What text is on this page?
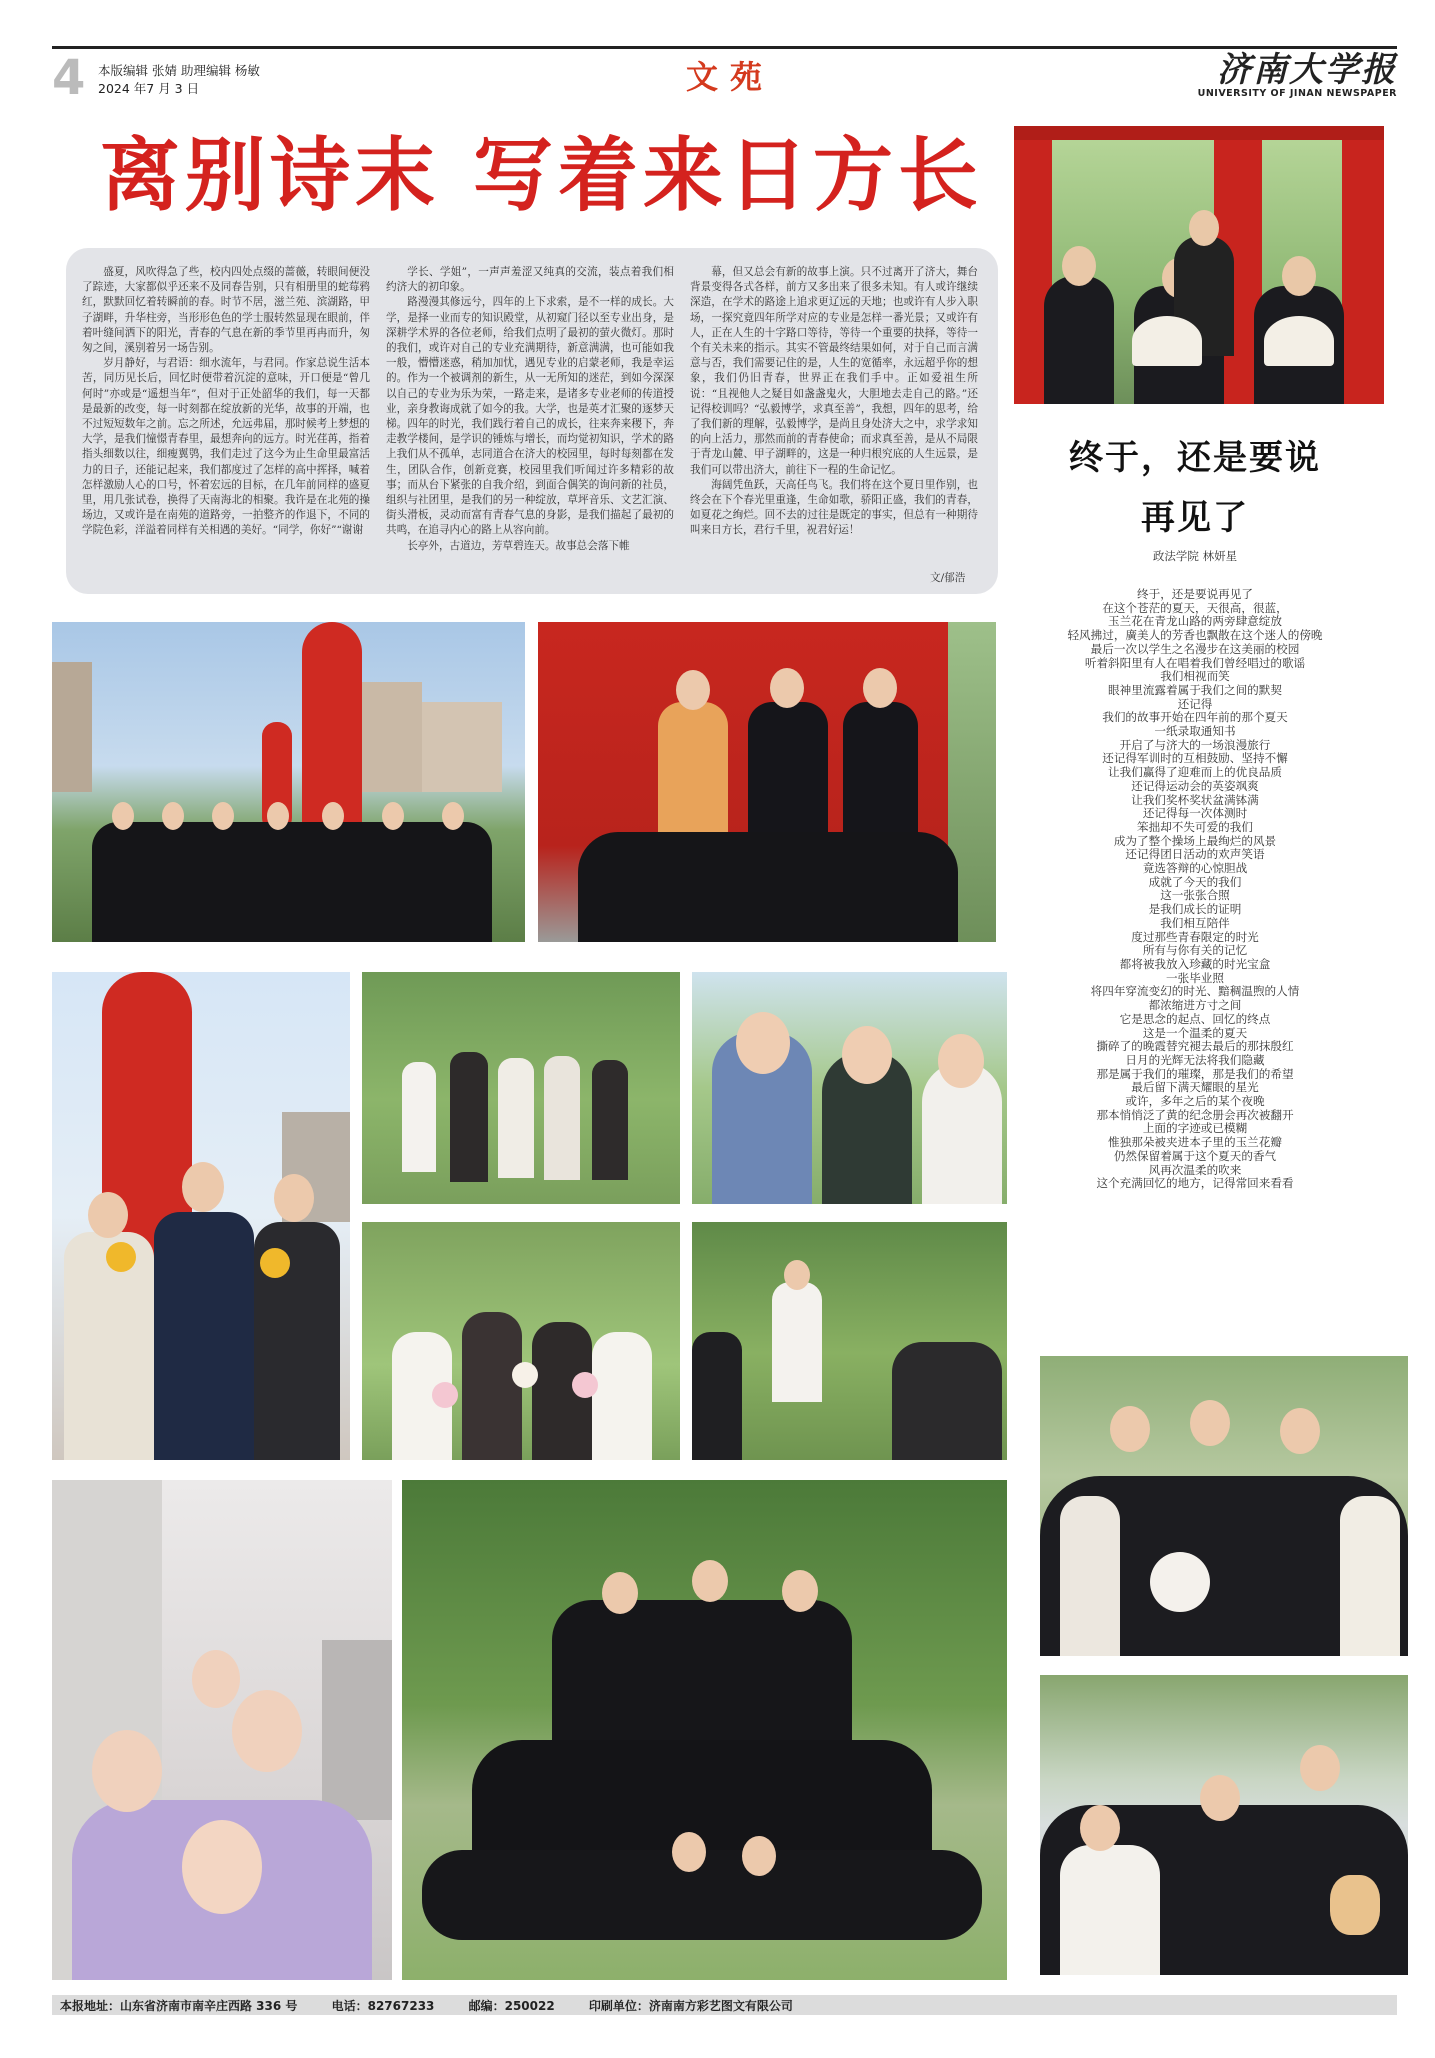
4 本版编辑 张婧 助理编辑 杨敏
2024 年7 月 3 日	文苑	济南大学报
UNIVERSITY OF JINAN NEWSPAPER
离别诗末 写着来日方长

盛夏，风吹得急了些，校内四处点缀的蔷薇，转眼间便没了踪迹，大家都似乎还来不及同春告别，只有相册里的蛇莓鸦红，默默回忆着转瞬前的春。时节不居，滋兰苑、滨湖路，甲子湖畔，升华柱旁，当形形色色的学士服转然显现在眼前，伴着叶缝间洒下的阳光，青春的气息在新的季节里再冉而升，匆匆之间，溪别着另一场告别。

岁月静好，与君语：细水流年，与君同。作家总说生活本苦，同历见长后，回忆时便带着沉淀的意味，开口便是“曾几何时”亦或是“遥想当年”，但对于正处韶华的我们，每一天都是最新的改变，每一时刻都在绽放新的光华，故事的开端，也不过短短数年之前。忘之所述，允远弗届，那时候考上梦想的大学，是我们憧憬青春里，最想奔向的远方。时光荏苒，指着指头细数以往，细瘦翼鸮，我们走过了这今为止生命里最富活力的日子，还能记起来，我们都度过了怎样的高中挥择，喊着怎样激励人心的口号，怀着宏远的目标，在几年前同样的盛夏里，用几张试卷，换得了天南海北的相聚。我许是在北苑的操场边，又或许是在南苑的道路旁，一拍整齐的作退下，不同的学院色彩，洋溢着同样有关相遇的美好。“同学，你好”“谢谢

学长、学姐”，一声声羞涩又纯真的交流，装点着我们相约济大的初印象。

路漫漫其修远兮，四年的上下求索，是不一样的成长。大学，是择一业而专的知识殿堂，从初窥门径以至专业出身，是深耕学术界的各位老师，给我们点明了最初的萤火微灯。那时的我们，或许对自己的专业充满期待，新意满满，也可能如我一般，懵懵迷惑，稍加加忧，遇见专业的启蒙老师，我是幸运的。作为一个被调剂的新生，从一无所知的迷茫，到如今深深以自己的专业为乐为荣，一路走来，是诸多专业老师的传道授业，亲身教诲成就了如今的我。大学，也是英才汇聚的逐梦天梯。四年的时光，我们践行着自己的成长，往来奔来稷下，奔走教学楼间，是学识的锤炼与增长，而均觉初知识，学术的路上我们从不孤单，志同道合在济大的校园里，每时每刻都在发生，团队合作，创新竞赛，校园里我们听闻过许多精彩的故事；而从台下紧张的自我介绍，到面合偶笑的询问新的社员，组织与社团里，是我们的另一种绽放，草坪音乐、文艺汇演、街头滑板，灵动而富有青春气息的身影，是我们描起了最初的共鸣，在追寻内心的路上从容向前。

长亭外，古道边，芳草碧连天。故事总会落下帷

幕，但又总会有新的故事上演。只不过离开了济大，舞台背景变得各式各样，前方又多出来了很多未知。有人或许继续深造，在学术的路途上追求更辽远的天地；也或许有人步入职场，一探究竟四年所学对应的专业是怎样一番光景；又或许有人，正在人生的十字路口等待，等待一个重要的抉择，等待一个有关未来的指示。其实不管最终结果如何，对于自己而言满意与否，我们需要记住的是，人生的宽循率，永远超乎你的想象，我们仍旧青春，世界正在我们手中。正如爱祖生所说：“且视他人之疑目如盏盏鬼火，大胆地去走自己的路。”还记得校训吗？“弘毅博学，求真至善”，我想，四年的思考，给了我们新的理解，弘毅博学，是尚且身处济大之中，求学求知的向上活力，那然而前的青春使命；而求真至善，是从不局限于青龙山麓、甲子湖畔的，这是一种归根究底的人生远景，是我们可以带出济大，前往下一程的生命记忆。

海阔凭鱼跃，天高任鸟飞。我们将在这个夏日里作别，也终会在下个春光里重逢，生命如歌，骄阳正盛，我们的青春，如夏花之绚烂。回不去的过往是既定的事实，但总有一种期待叫来日方长，君行千里，祝君好运！

文/郁浩
终于，还是要说
再见了
政法学院 林妍星
终于，还是要说再见了
在这个苍茫的夏天，天很高，很蓝，
玉兰花在青龙山路的两旁肆意绽放
轻风拂过，廣美人的芳香也飘散在这个迷人的傍晚
最后一次以学生之名漫步在这美丽的校园
听着斜阳里有人在唱着我们曾经唱过的歌谣
我们相视而笑
眼神里流露着属于我们之间的默契
还记得
我们的故事开始在四年前的那个夏天
一纸录取通知书
开启了与济大的一场浪漫旅行
还记得军训时的互相鼓励、坚持不懈
让我们赢得了迎难而上的优良品质
还记得运动会的英姿飒爽
让我们奖杯奖状盆满钵满
还记得每一次体测时
笨拙却不失可爱的我们
成为了整个操场上最绚烂的风景
还记得团日活动的欢声笑语
竟选答辩的心惊胆战
成就了今天的我们
这一张张合照
是我们成长的证明
我们相互陪伴
度过那些青春限定的时光
所有与你有关的记忆
都将被我放入珍藏的时光宝盒
一张毕业照
将四年穿流变幻的时光、黯稠温煦的人情
都浓缩进方寸之间
它是思念的起点、回忆的终点
这是一个温柔的夏天
撕碎了的晚霞替究褪去最后的那抹殷红
日月的光辉无法将我们隐藏
那是属于我们的璀璨，那是我们的希望
最后留下满天耀眼的星光
或许，多年之后的某个夜晚
那本悄悄泛了黄的纪念册会再次被翻开
上面的字迹或已模糊
惟独那朵被夹进本子里的玉兰花瓣
仍然保留着属于这个夏天的香气
风再次温柔的吹来
这个充满回忆的地方，记得常回来看看
本报地址：山东省济南市南辛庄西路 336 号	电话：82767233	邮编：250022	印刷单位：济南南方彩艺图文有限公司
